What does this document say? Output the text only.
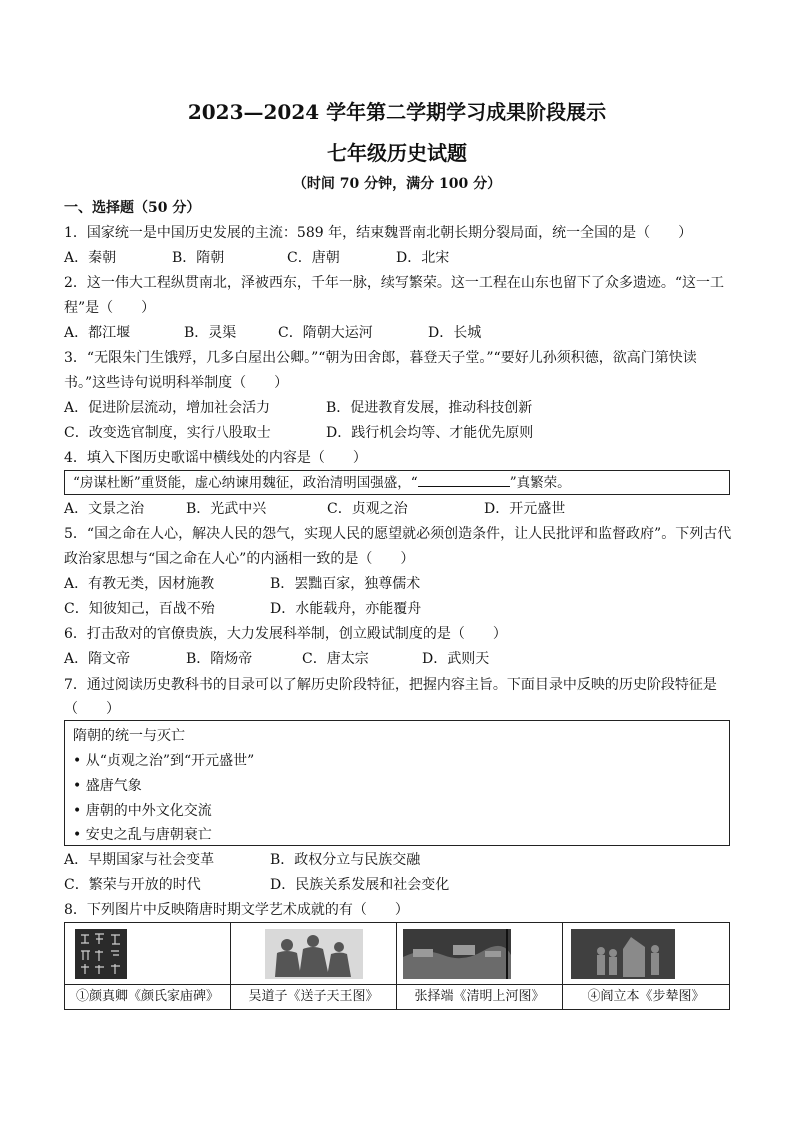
2023—2024 学年第二学期学习成果阶段展示
七年级历史试题
（时间 70 分钟，满分 100 分）
一、选择题（50 分）
1．国家统一是中国历史发展的主流：589 年，结束魏晋南北朝长期分裂局面，统一全国的是（　　）
A．秦朝	B．隋朝	C．唐朝	D．北宋
2．这一伟大工程纵贯南北，泽被西东，千年一脉，续写繁荣。这一工程在山东也留下了众多遗迹。“这一工
程”是（　　）
A．都江堰	B．灵渠	C．隋朝大运河	D．长城
3．“无限朱门生饿殍，几多白屋出公卿。”“朝为田舍郎，暮登天子堂。”“要好儿孙须积德，欲高门第快读
书。”这些诗句说明科举制度（　　）
A．促进阶层流动，增加社会活力	B．促进教育发展，推动科技创新
C．改变选官制度，实行八股取士	D．践行机会均等、才能优先原则
4．填入下图历史歌谣中横线处的内容是（　　）
“房谋杜断”重贤能，虚心纳谏用魏征，政治清明国强盛，“	”真繁荣。
A．文景之治	B．光武中兴	C．贞观之治	D．开元盛世
5．“国之命在人心，解决人民的怨气，实现人民的愿望就必须创造条件，让人民批评和监督政府”。下列古代
政治家思想与“国之命在人心”的内涵相一致的是（　　）
A．有教无类，因材施教	B．罢黜百家，独尊儒术
C．知彼知己，百战不殆	D．水能载舟，亦能覆舟
6．打击敌对的官僚贵族，大力发展科举制，创立殿试制度的是（　　）
A．隋文帝	B．隋炀帝	C．唐太宗	D．武则天
7．通过阅读历史教科书的目录可以了解历史阶段特征，把握内容主旨。下面目录中反映的历史阶段特征是
（　　）
隋朝的统一与灭亡
• 从“贞观之治”到“开元盛世”
• 盛唐气象
• 唐朝的中外文化交流
• 安史之乱与唐朝衰亡
A．早期国家与社会变革	B．政权分立与民族交融
C．繁荣与开放的时代	D．民族关系发展和社会变化
8．下列图片中反映隋唐时期文学艺术成就的有（　　）
①颜真卿《颜氏家庙碑》	吴道子《送子天王图》	张择端《清明上河图》	④阎立本《步辇图》
